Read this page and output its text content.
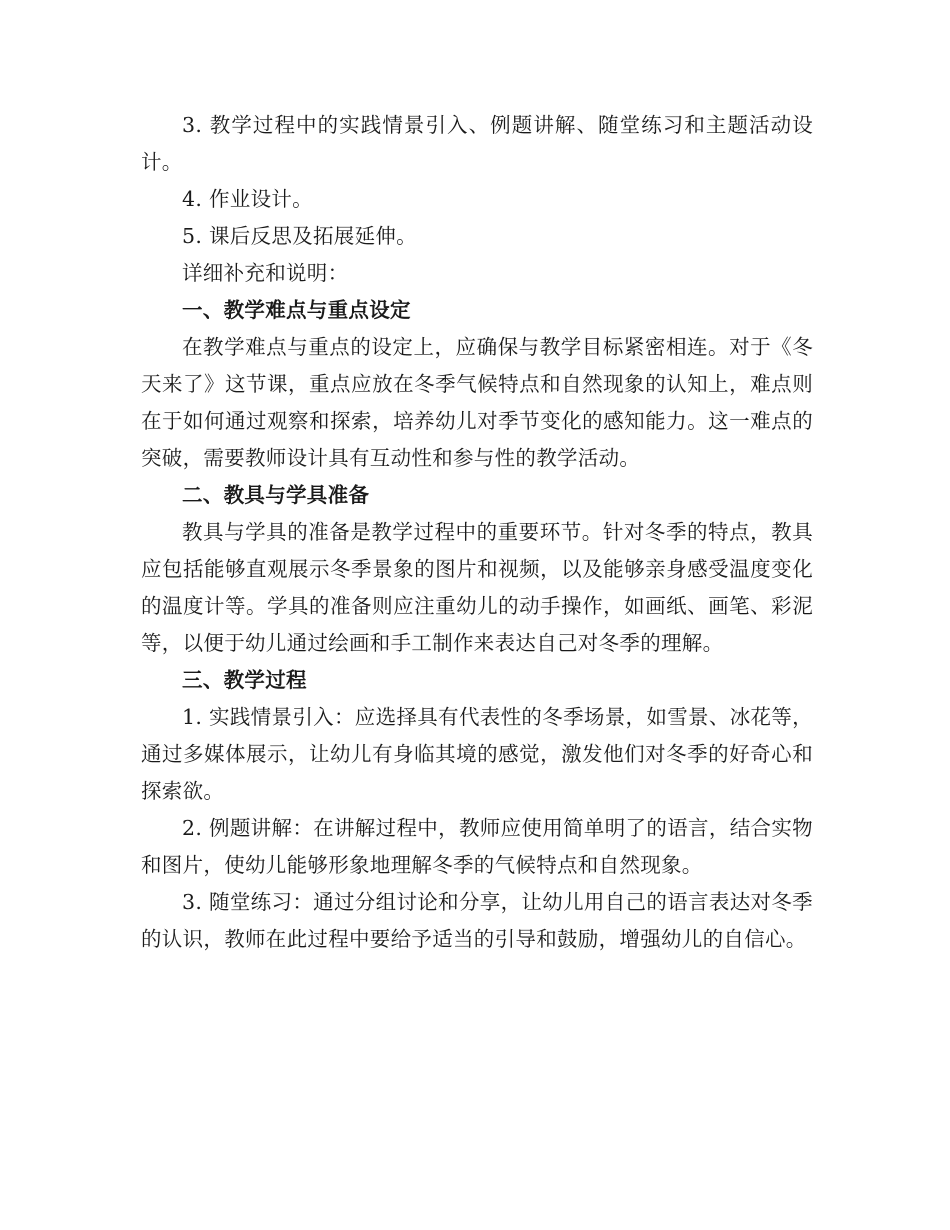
3. 教学过程中的实践情景引入、例题讲解、随堂练习和主题活动设计。

4. 作业设计。

5. 课后反思及拓展延伸。

详细补充和说明：

一、教学难点与重点设定

在教学难点与重点的设定上，应确保与教学目标紧密相连。对于《冬天来了》这节课，重点应放在冬季气候特点和自然现象的认知上，难点则在于如何通过观察和探索，培养幼儿对季节变化的感知能力。这一难点的突破，需要教师设计具有互动性和参与性的教学活动。

二、教具与学具准备

教具与学具的准备是教学过程中的重要环节。针对冬季的特点，教具应包括能够直观展示冬季景象的图片和视频，以及能够亲身感受温度变化的温度计等。学具的准备则应注重幼儿的动手操作，如画纸、画笔、彩泥等，以便于幼儿通过绘画和手工制作来表达自己对冬季的理解。

三、教学过程

1. 实践情景引入：应选择具有代表性的冬季场景，如雪景、冰花等，通过多媒体展示，让幼儿有身临其境的感觉，激发他们对冬季的好奇心和探索欲。

2. 例题讲解：在讲解过程中，教师应使用简单明了的语言，结合实物和图片，使幼儿能够形象地理解冬季的气候特点和自然现象。

3. 随堂练习：通过分组讨论和分享，让幼儿用自己的语言表达对冬季的认识，教师在此过程中要给予适当的引导和鼓励，增强幼儿的自信心。
